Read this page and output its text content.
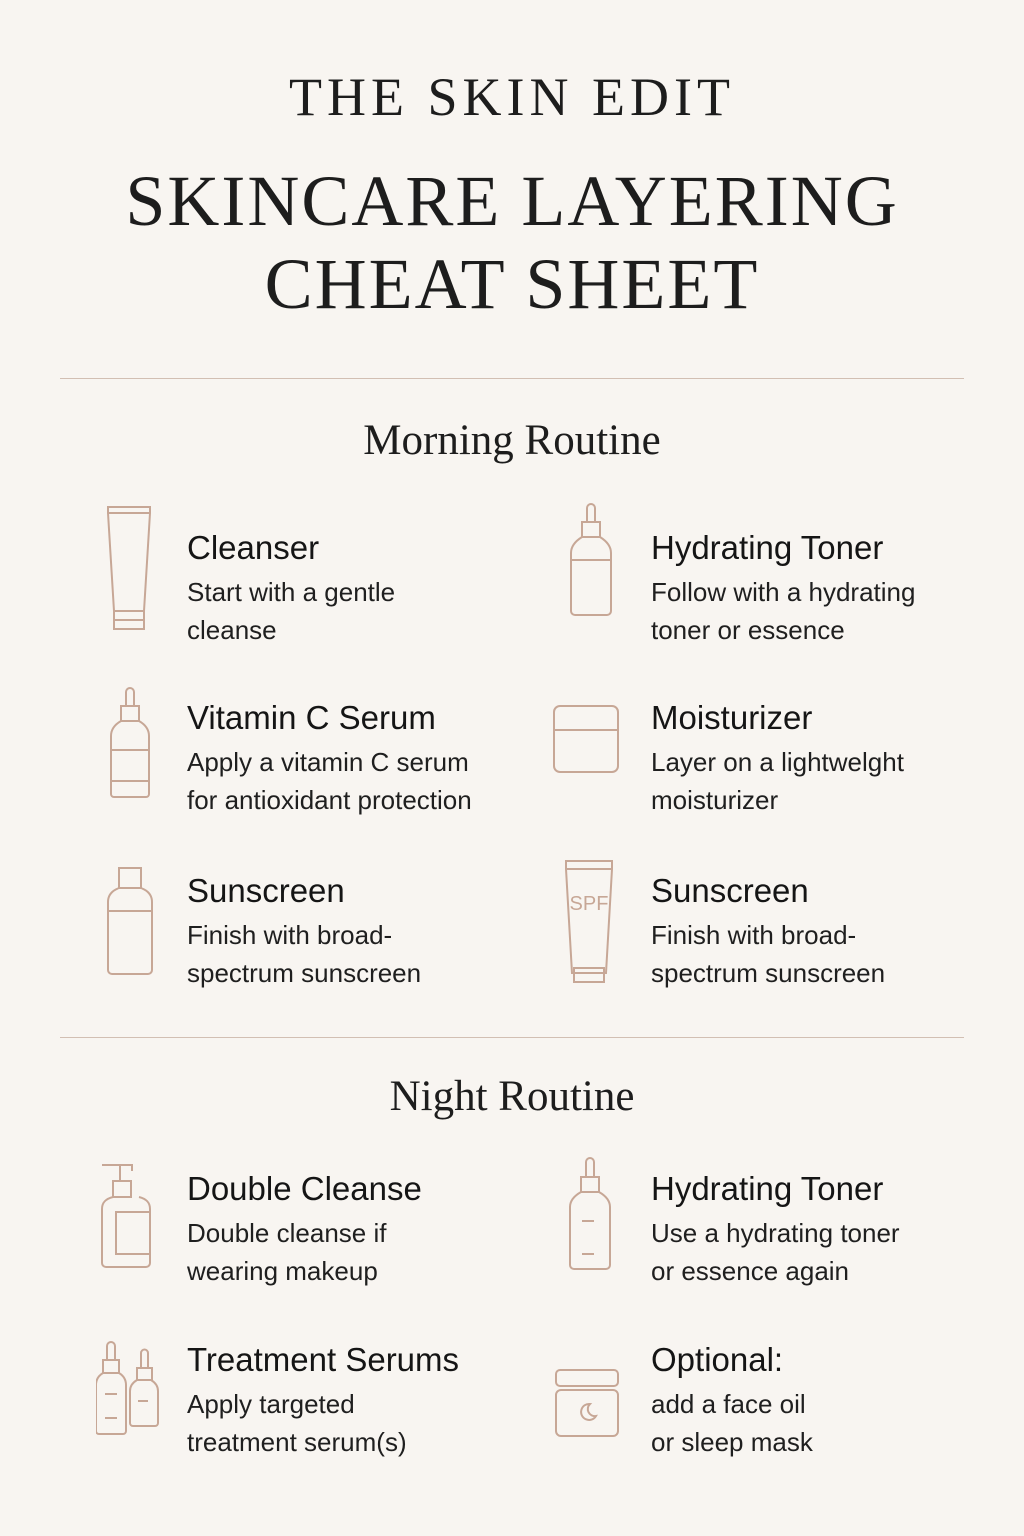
THE SKIN EDIT
SKINCARE LAYERING
CHEAT SHEET
Morning Routine
SPF
Cleanser

Start with a gentle
cleanse

Hydrating Toner

Follow with a hydrating
toner or essence

Vitamin C Serum

Apply a vitamin C serum
for antioxidant protection

Moisturizer

Layer on a lightwelght
moisturizer

Sunscreen

Finish with broad-
spectrum sunscreen

Sunscreen

Finish with broad-
spectrum sunscreen

Night Routine
Double Cleanse

Double cleanse if
wearing makeup

Hydrating Toner

Use a hydrating toner
or essence again

Treatment Serums

Apply targeted
treatment serum(s)

Optional:

add a face oil
or sleep mask
